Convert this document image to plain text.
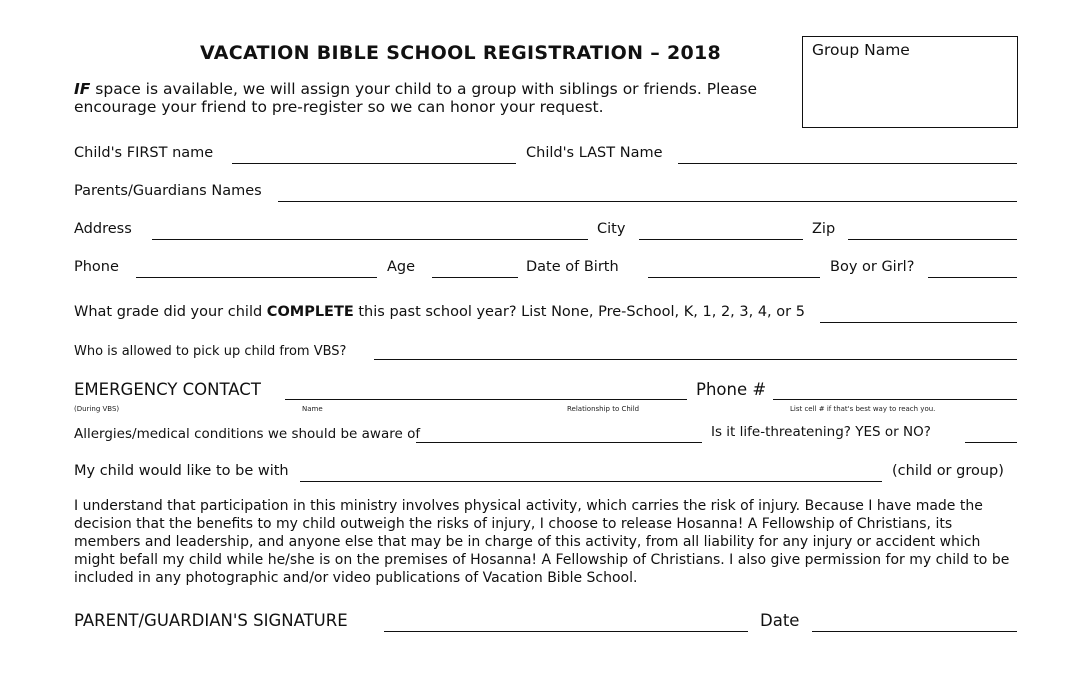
VACATION BIBLE SCHOOL REGISTRATION – 2018	Group Name
IF space is available, we will assign your child to a group with siblings or friends. Please encourage your friend to pre-register so we can honor your request.
Child's FIRST name	Child's LAST Name
Parents/Guardians Names
Address	City	Zip
Phone	Age	Date of Birth	Boy or Girl?
What grade did your child COMPLETE this past school year? List None, Pre-School, K, 1, 2, 3, 4, or 5
Who is allowed to pick up child from VBS?
EMERGENCY CONTACT	Phone #
(During VBS)	Name	Relationship to Child	List cell # if that's best way to reach you.
Allergies/medical conditions we should be aware of	Is it life-threatening? YES or NO?
My child would like to be with	(child or group)
I understand that participation in this ministry involves physical activity, which carries the risk of injury. Because I have made the decision that the benefits to my child outweigh the risks of injury, I choose to release Hosanna! A Fellowship of Christians, its members and leadership, and anyone else that may be in charge of this activity, from all liability for any injury or accident which might befall my child while he/she is on the premises of Hosanna! A Fellowship of Christians. I also give permission for my child to be included in any photographic and/or video publications of Vacation Bible School.
PARENT/GUARDIAN'S SIGNATURE	Date
